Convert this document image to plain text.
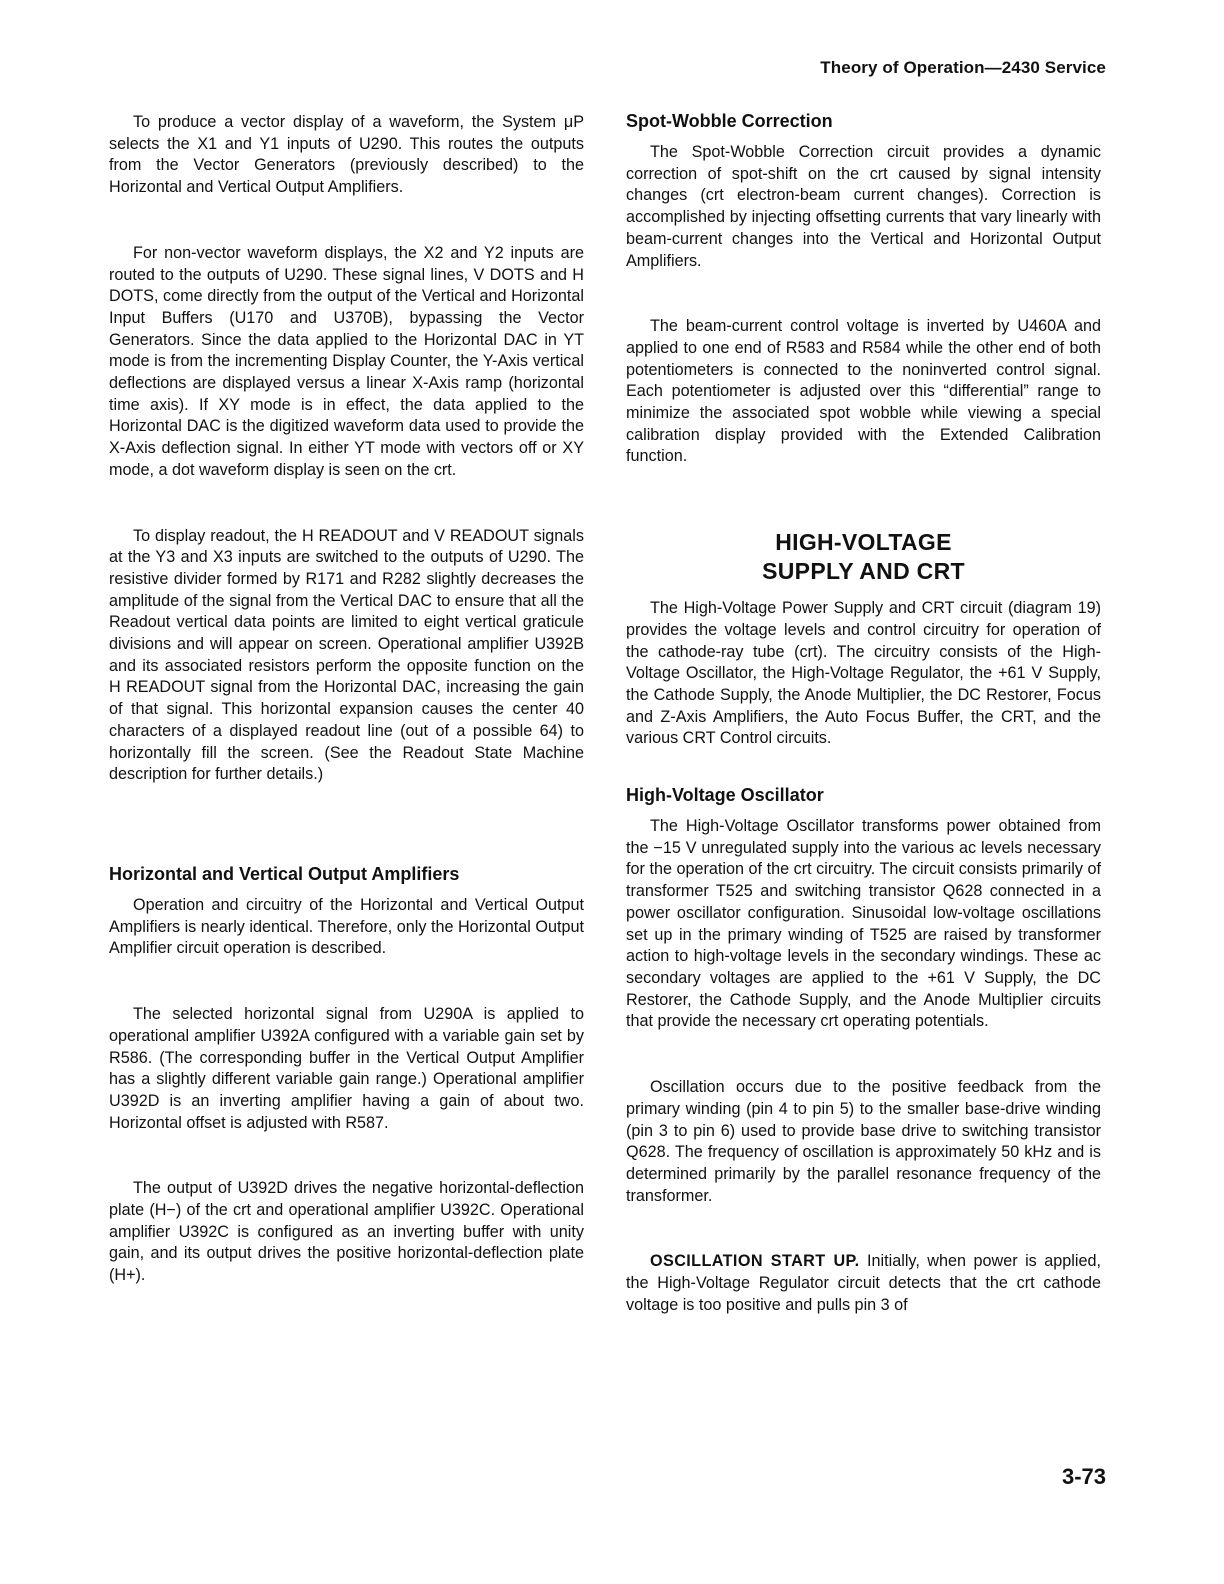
Theory of Operation—2430 Service

To produce a vector display of a waveform, the System μP selects the X1 and Y1 inputs of U290. This routes the outputs from the Vector Generators (previously described) to the Horizontal and Vertical Output Amplifiers.

For non-vector waveform displays, the X2 and Y2 inputs are routed to the outputs of U290. These signal lines, V DOTS and H DOTS, come directly from the output of the Vertical and Horizontal Input Buffers (U170 and U370B), bypassing the Vector Generators. Since the data applied to the Horizontal DAC in YT mode is from the incrementing Display Counter, the Y-Axis vertical deflections are displayed versus a linear X-Axis ramp (horizontal time axis). If XY mode is in effect, the data applied to the Horizontal DAC is the digitized waveform data used to provide the X-Axis deflection signal. In either YT mode with vectors off or XY mode, a dot waveform display is seen on the crt.

To display readout, the H READOUT and V READOUT signals at the Y3 and X3 inputs are switched to the outputs of U290. The resistive divider formed by R171 and R282 slightly decreases the amplitude of the signal from the Vertical DAC to ensure that all the Readout vertical data points are limited to eight vertical graticule divisions and will appear on screen. Operational amplifier U392B and its associated resistors perform the opposite function on the H READOUT signal from the Horizontal DAC, increasing the gain of that signal. This horizontal expansion causes the center 40 characters of a displayed readout line (out of a possible 64) to horizontally fill the screen. (See the Readout State Machine description for further details.)

Horizontal and Vertical Output Amplifiers

Operation and circuitry of the Horizontal and Vertical Output Amplifiers is nearly identical. Therefore, only the Horizontal Output Amplifier circuit operation is described.

The selected horizontal signal from U290A is applied to operational amplifier U392A configured with a variable gain set by R586. (The corresponding buffer in the Vertical Output Amplifier has a slightly different variable gain range.) Operational amplifier U392D is an inverting amplifier having a gain of about two. Horizontal offset is adjusted with R587.

The output of U392D drives the negative horizontal-deflection plate (H−) of the crt and operational amplifier U392C. Operational amplifier U392C is configured as an inverting buffer with unity gain, and its output drives the positive horizontal-deflection plate (H+).

Spot-Wobble Correction

The Spot-Wobble Correction circuit provides a dynamic correction of spot-shift on the crt caused by signal intensity changes (crt electron-beam current changes). Correction is accomplished by injecting offsetting currents that vary linearly with beam-current changes into the Vertical and Horizontal Output Amplifiers.

The beam-current control voltage is inverted by U460A and applied to one end of R583 and R584 while the other end of both potentiometers is connected to the noninverted control signal. Each potentiometer is adjusted over this “differential” range to minimize the associated spot wobble while viewing a special calibration display provided with the Extended Calibration function.

HIGH-VOLTAGE
SUPPLY AND CRT

The High-Voltage Power Supply and CRT circuit (diagram 19) provides the voltage levels and control circuitry for operation of the cathode-ray tube (crt). The circuitry consists of the High-Voltage Oscillator, the High-Voltage Regulator, the +61 V Supply, the Cathode Supply, the Anode Multiplier, the DC Restorer, Focus and Z-Axis Amplifiers, the Auto Focus Buffer, the CRT, and the various CRT Control circuits.

High-Voltage Oscillator

The High-Voltage Oscillator transforms power obtained from the −15 V unregulated supply into the various ac levels necessary for the operation of the crt circuitry. The circuit consists primarily of transformer T525 and switching transistor Q628 connected in a power oscillator configuration. Sinusoidal low-voltage oscillations set up in the primary winding of T525 are raised by transformer action to high-voltage levels in the secondary windings. These ac secondary voltages are applied to the +61 V Supply, the DC Restorer, the Cathode Supply, and the Anode Multiplier circuits that provide the necessary crt operating potentials.

Oscillation occurs due to the positive feedback from the primary winding (pin 4 to pin 5) to the smaller base-drive winding (pin 3 to pin 6) used to provide base drive to switching transistor Q628. The frequency of oscillation is approximately 50 kHz and is determined primarily by the parallel resonance frequency of the transformer.

OSCILLATION START UP. Initially, when power is applied, the High-Voltage Regulator circuit detects that the crt cathode voltage is too positive and pulls pin 3 of

3-73
